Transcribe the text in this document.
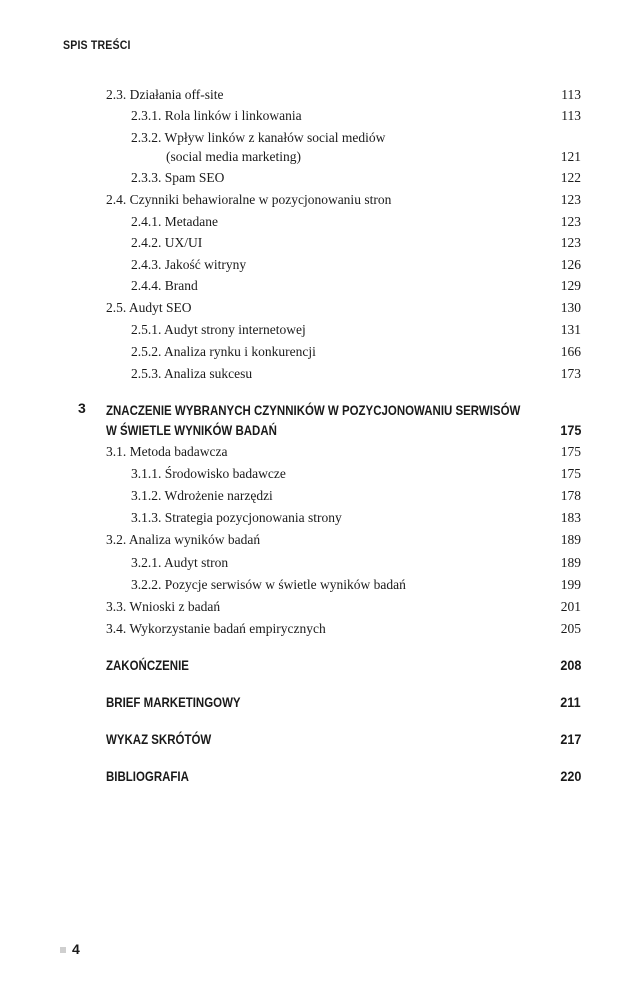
SPIS TREŚCI
2.3. Działania off-site	113
2.3.1. Rola linków i linkowania	113
2.3.2. Wpływ linków z kanałów social mediów
(social media marketing)	121
2.3.3. Spam SEO	122
2.4. Czynniki behawioralne w pozycjonowaniu stron	123
2.4.1. Metadane	123
2.4.2. UX/UI	123
2.4.3. Jakość witryny	126
2.4.4. Brand	129
2.5. Audyt SEO	130
2.5.1. Audyt strony internetowej	131
2.5.2. Analiza rynku i konkurencji	166
2.5.3. Analiza sukcesu	173
3 ZNACZENIE WYBRANYCH CZYNNIKÓW W POZYCJONOWANIU SERWISÓW
W ŚWIETLE WYNIKÓW BADAŃ	175
3.1. Metoda badawcza	175
3.1.1. Środowisko badawcze	175
3.1.2. Wdrożenie narzędzi	178
3.1.3. Strategia pozycjonowania strony	183
3.2. Analiza wyników badań	189
3.2.1. Audyt stron	189
3.2.2. Pozycje serwisów w świetle wyników badań	199
3.3. Wnioski z badań	201
3.4. Wykorzystanie badań empirycznych	205
ZAKOŃCZENIE	208
BRIEF MARKETINGOWY	211
WYKAZ SKRÓTÓW	217
BIBLIOGRAFIA	220
4
